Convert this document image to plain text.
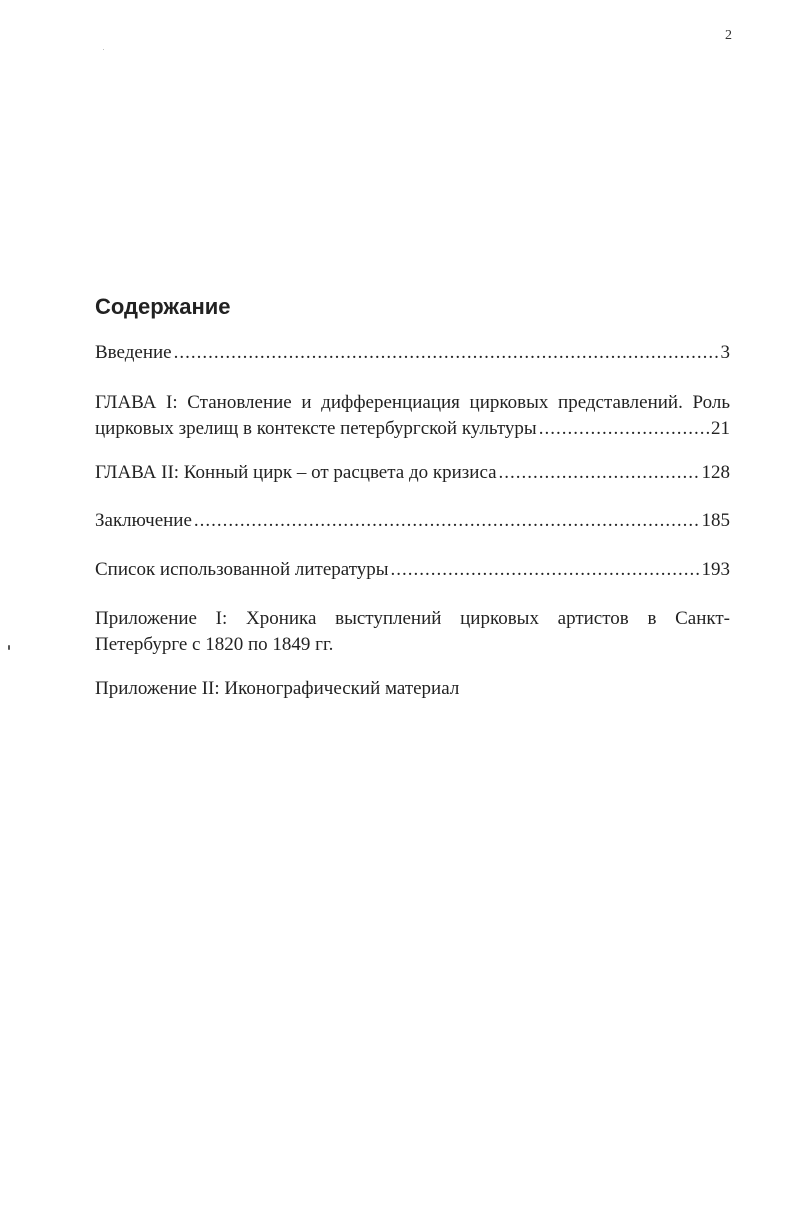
2
Содержание
Введение .....	3
ГЛАВА I: Становление и дифференциация цирковых представлений. Роль
цирковых зрелищ в контексте петербургской культуры .....	21
ГЛАВА II: Конный цирк – от расцвета до кризиса .....	128
Заключение .....	185
Список использованной литературы .....	193
Приложение I: Хроника выступлений цирковых артистов в Санкт-
Петербурге с 1820 по 1849 гг.
Приложение II: Иконографический материал
